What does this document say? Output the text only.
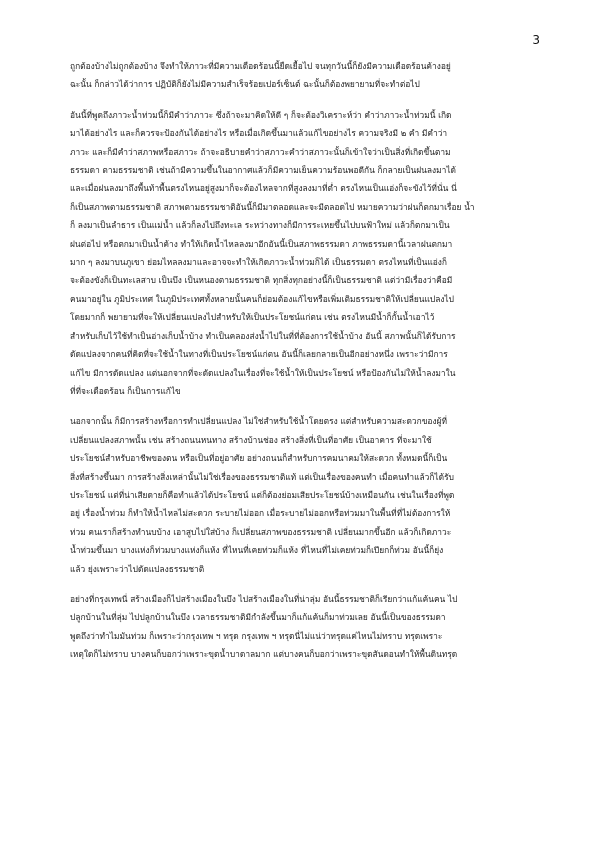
3
ถูกต้องบ้างไม่ถูกต้องบ้าง จึงทำให้ภาวะที่มีความเดือดร้อนนี้ยืดเยื้อไป จนทุกวันนี้ก็ยังมีความเดือดร้อนค้างอยู่
ฉะนั้น ก็กล่าวได้ว่าการ ปฏิบัติก็ยังไม่มีความสำเร็จร้อยเปอร์เซ็นต์ ฉะนั้นก็ต้องพยายามที่จะทำต่อไป
อันนี้ที่พูดถึงภาวะน้ำท่วมนี้ก็มีคำว่าภาวะ ซึ่งถ้าจะมาคิดให้ดี ๆ ก็จะต้องวิเคราะห์ว่า คำว่าภาวะน้ำท่วมนี้ เกิด
มาได้อย่างไร และก็ควรจะป้องกันได้อย่างไร หรือเมื่อเกิดขึ้นมาแล้วแก้ไขอย่างไร ความจริงมี ๒ คำ มีคำว่า
ภาวะ และก็มีคำว่าสภาพหรือสภาวะ ถ้าจะอธิบายคำว่าสภาวะคำว่าสภาวะนั้นก็เข้าใจว่าเป็นสิ่งที่เกิดขึ้นตาม
ธรรมดา ตามธรรมชาติ เช่นถ้ามีความขึ้นในอากาศแล้วก็มีความเย็นความร้อนพอดีกัน ก็กลายเป็นฝนลงมาได้
และเมื่อฝนลงมาถึงพื้นท้าพื้นตรงไหนอยู่สูงมาก็จะต้องไหลจากที่สูงลงมาที่ต่ำ ตรงไหนเป็นแอ่งก็จะขังไว้ที่นั่น นี่
ก็เป็นสภาพตามธรรมชาติ สภาพตามธรรมชาติอันนี้ก็มีมาตลอดและจะมีตลอดไป หมายความว่าฝนก็ตกมาเรื่อย น้ำ
ก็ ลงมาเป็นลำธาร เป็นแม่น้ำ แล้วก็ลงไปถึงทะเล ระหว่างทางก็มีการระเหยขึ้นไปบนฟ้าใหม่ แล้วก็ตกมาเป็น
ฝนต่อไป หรือตกมาเป็นน้ำค้าง ทำให้เกิดน้ำไหลลงมาอีกอันนี้เป็นสภาพธรรมดา ภาพธรรมดานี้เวลาฝนตกมา
มาก ๆ ลงมาบนภูเขา ย่อมไหลลงมาและอาจจะทำให้เกิดภาวะน้ำท่วมก็ได้ เป็นธรรมดา ตรงไหนที่เป็นแอ่งก็
จะต้องขังก็เป็นทะเลสาบ เป็นบึง เป็นหนองตามธรรมชาติ ทุกสิ่งทุกอย่างนี้ก็เป็นธรรมชาติ แต่ว่ามีเรื่องว่าคือมี
คนมาอยู่ใน ภูมิประเทศ ในภูมิประเทศทั้งหลายนั้นคนก็ย่อมต้องแก้ไขหรือเพิ่มเติมธรรมชาติให้เปลี่ยนแปลงไป
โดยมากก็ พยายามที่จะให้เปลี่ยนแปลงไปสำหรับให้เป็นประโยชน์แก่ตน เช่น ตรงไหนมีน้ำก็กั้นน้ำเอาไว้
สำหรับเก็บไว้ใช้ทำเป็นอ่างเก็บน้ำบ้าง ทำเป็นคลองส่งน้ำไปในที่ที่ต้องการใช้น้ำบ้าง อันนี้ สภาพนั้นก็ได้รับการ
ดัดแปลงจากคนที่คิดที่จะใช้น้ำในทางที่เป็นประโยชน์แก่ตน อันนี้ก็เลยกลายเป็นอีกอย่างหนึ่ง เพราะว่ามีการ
แก้ไข มีการดัดแปลง แต่นอกจากที่จะดัดแปลงในเรื่องที่จะใช้น้ำให้เป็นประโยชน์ หรือป้องกันไม่ให้น้ำลงมาใน
ที่ที่จะเดือดร้อน ก็เป็นการแก้ไข
นอกจากนั้น ก็มีการสร้างหรือการทำเปลี่ยนแปลง ไม่ใช่สำหรับใช้น้ำโดยตรง แต่สำหรับความสะดวกของผู้ที่
เปลี่ยนแปลงสภาพนั้น เช่น สร้างถนนหนทาง สร้างบ้านช่อง สร้างสิ่งที่เป็นที่อาศัย เป็นอาคาร ที่จะมาใช้
ประโยชน์สำหรับอาชีพของตน หรือเป็นที่อยู่อาศัย อย่างถนนก็สำหรับการคมนาคมให้สะดวก ทั้งหมดนี้ก็เป็น
สิ่งที่สร้างขึ้นมา การสร้างสิ่งเหล่านั้นไม่ใช่เรื่องของธรรมชาติแท้ แต่เป็นเรื่องของคนทำ เมื่อคนทำแล้วก็ได้รับ
ประโยชน์ แต่ที่น่าเสียดายก็คือทำแล้วได้ประโยชน์ แต่ก็ต้องย่อมเสียประโยชน์บ้างเหมือนกัน เช่นในเรื่องที่พูด
อยู่ เรื่องน้ำท่วม ก็ทำให้น้ำไหลไม่สะดวก ระบายไม่ออก เมื่อระบายไม่ออกหรือท่วมมาในพื้นที่ที่ไม่ต้องการให้
ท่วม คนเราก็สร้างทำนบบ้าง เอาสูบไปใส่บ้าง ก็เปลี่ยนสภาพของธรรมชาติ เปลี่ยนมากขึ้นอีก แล้วก็เกิดภาวะ
น้ำท่วมขึ้นมา บางแห่งก็ท่วมบางแห่งก็แห้ง ที่ไหนที่เคยท่วมก็แห้ง ที่ไหนที่ไม่เคยท่วมก็เปียกก็ท่วม อันนี้ก็ยุ่ง
แล้ว ยุ่งเพราะว่าไปดัดแปลงธรรมชาติ
อย่างที่กรุงเทพนี่ สร้างเมืองก็ไปสร้างเมืองในบึง ไปสร้างเมืองในที่น่าลุ่ม อันนี้ธรรมชาติก็เรียกว่าแก้แค้นคน ไป
ปลูกบ้านในที่ลุ่ม ไปปลูกบ้านในบึง เวลาธรรมชาติมีกำลังขึ้นมาก็แก้แค้นก็มาท่วมเลย อันนี้เป็นของธรรมดา
พูดถึงว่าทำไมมันท่วม ก็เพราะว่ากรุงเทพ ฯ ทรุด กรุงเทพ ฯ ทรุดนี่ไม่แน่ว่าทรุดแค่ไหนไม่ทราบ ทรุดเพราะ
เหตุใดก็ไม่ทราบ บางคนก็บอกว่าเพราะขุดน้ำบาดาลมาก แต่บางคนก็บอกว่าเพราะขุดสันดอนทำให้พื้นดินทรุด
